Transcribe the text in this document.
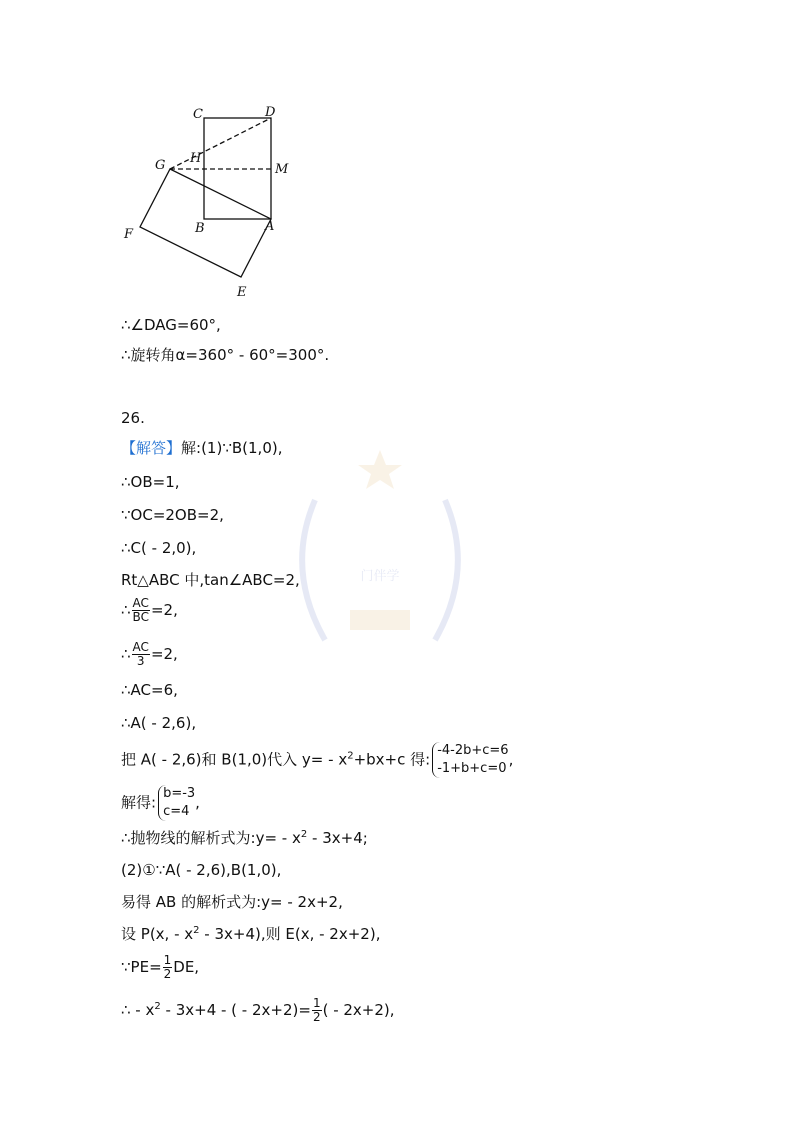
门伴学
C	D
G H
M
B	A
F
E
∴∠DAG=60°,
∴旋转角α=360° - 60°=300°.
26.
【解答】解:(1)∵B(1,0),
∴OB=1,
∵OC=2OB=2,
∴C( - 2,0),
Rt△ABC 中,tan∠ABC=2,
∴ $\frac{AC}{BC} =2$,
∴ $\frac{AC}{3} =2$,
∴AC=6,
∴A( - 2,6),
把 A( - 2,6)和 B(1,0)代入 $y= - x^2+bx+c$ 得: -4-2b+c=6
-1+b+c=0 ,
解得: b=-3
c=4 ,
∴抛物线的解析式为:y= - $x^2 - 3x+4$;
(2)①∵A( - 2,6),B(1,0),
易得 AB 的解析式为:y= - 2x+2,
设 P(x, - $x^2 - 3x+4$),则 E(x, - 2x+2),
∵PE= $\frac{1}{2}$ DE,
∴ - $x^2 - 3x+4$ - ( - $2x+2)= \frac{1}{2}$ ( - 2x+2),
